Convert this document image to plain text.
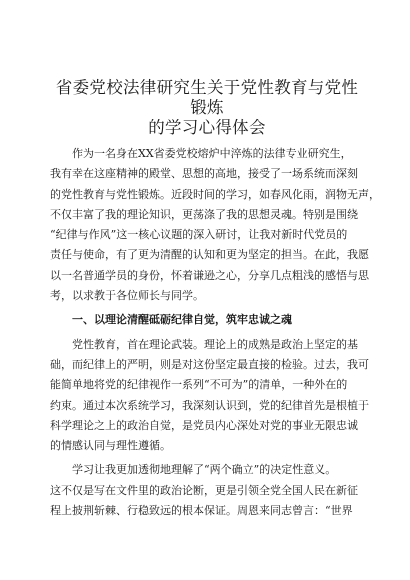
省委党校法律研究生关于党性教育与党性锻炼
的学习心得体会
作为一名身在XX省委党校熔炉中淬炼的法律专业研究生，
我有幸在这座精神的殿堂、思想的高地，接受了一场系统而深刻
的党性教育与党性锻炼。近段时间的学习，如春风化雨，润物无声，
不仅丰富了我的理论知识，更荡涤了我的思想灵魂。特别是围绕
“纪律与作风”这一核心议题的深入研讨，让我对新时代党员的
责任与使命，有了更为清醒的认知和更为坚定的担当。在此，我愿
以一名普通学员的身份，怀着谦逊之心，分享几点粗浅的感悟与思
考，以求教于各位师长与同学。
一、以理论清醒砥砺纪律自觉，筑牢忠诚之魂
党性教育，首在理论武装。理论上的成熟是政治上坚定的基
础，而纪律上的严明，则是对这份坚定最直接的检验。过去，我可
能简单地将党的纪律视作一系列“不可为”的清单，一种外在的
约束。通过本次系统学习，我深刻认识到，党的纪律首先是根植于
科学理论之上的政治自觉，是党员内心深处对党的事业无限忠诚
的情感认同与理性遵循。
学习让我更加透彻地理解了“两个确立”的决定性意义。
这不仅是写在文件里的政治论断，更是引领全党全国人民在新征
程上披荆斩棘、行稳致远的根本保证。周恩来同志曾言：“世界
